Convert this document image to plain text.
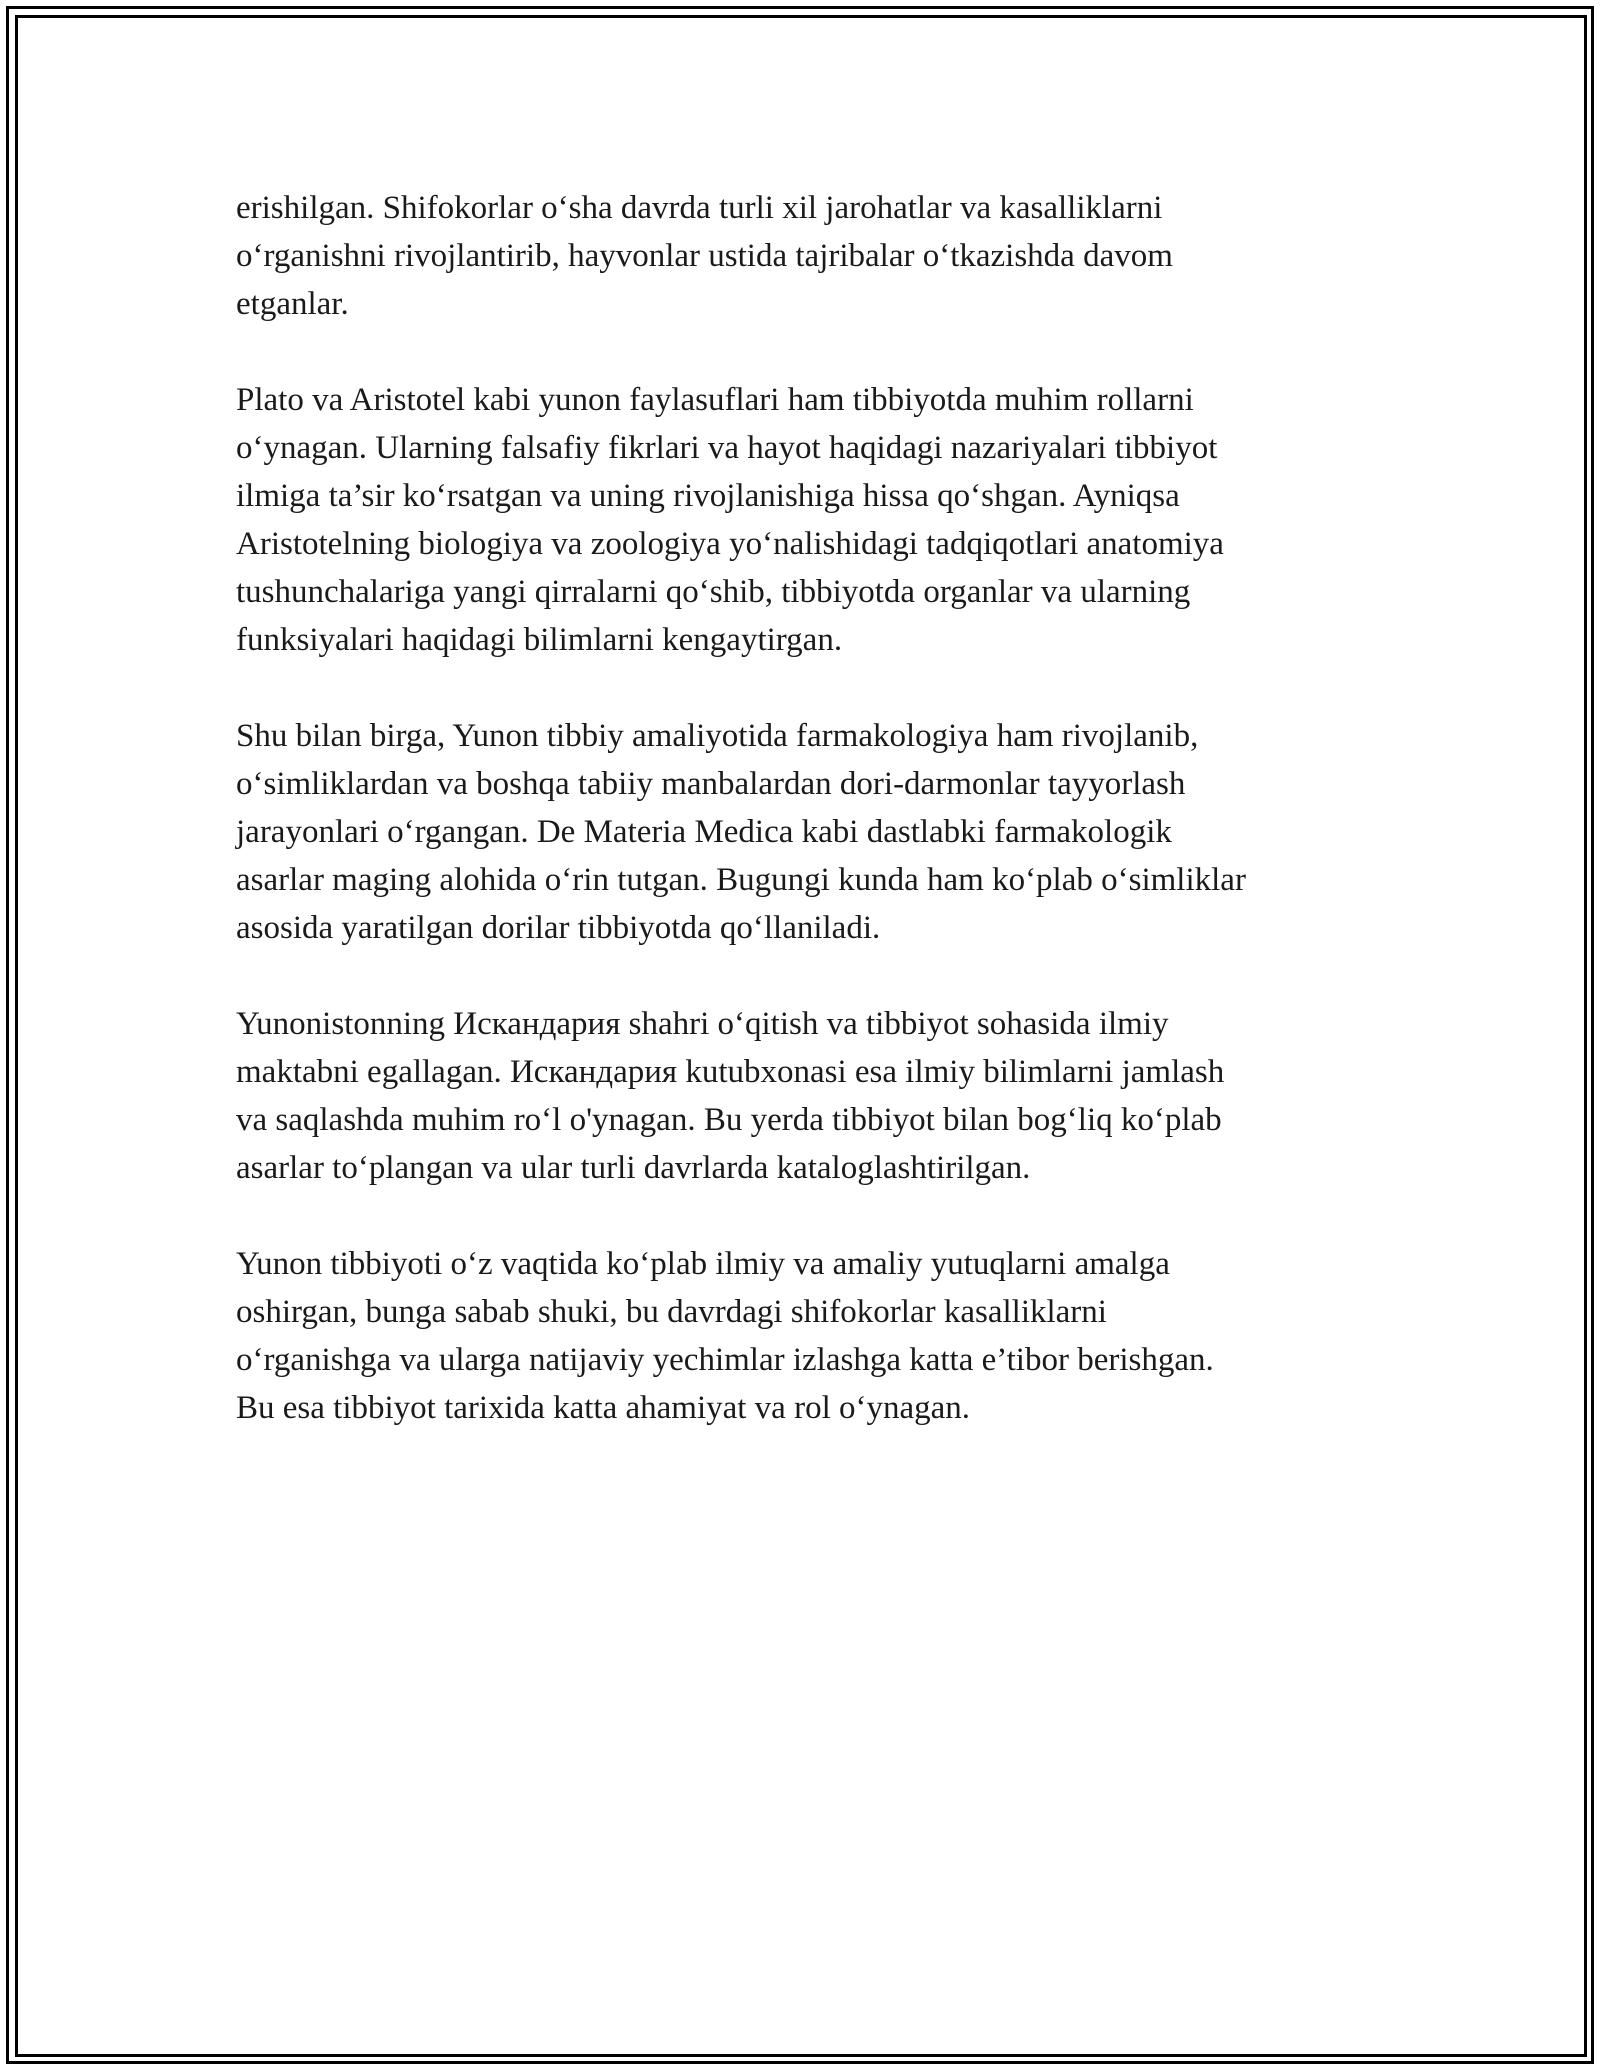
erishilgan. Shifokorlar o‘sha davrda turli xil jarohatlar va kasalliklarni
o‘rganishni rivojlantirib, hayvonlar ustida tajribalar o‘tkazishda davom
etganlar.

Plato va Aristotel kabi yunon faylasuflari ham tibbiyotda muhim rollarni
o‘ynagan. Ularning falsafiy fikrlari va hayot haqidagi nazariyalari tibbiyot
ilmiga ta’sir ko‘rsatgan va uning rivojlanishiga hissa qo‘shgan. Ayniqsa
Aristotelning biologiya va zoologiya yo‘nalishidagi tadqiqotlari anatomiya
tushunchalariga yangi qirralarni qo‘shib, tibbiyotda organlar va ularning
funksiyalari haqidagi bilimlarni kengaytirgan.

Shu bilan birga, Yunon tibbiy amaliyotida farmakologiya ham rivojlanib,
o‘simliklardan va boshqa tabiiy manbalardan dori-darmonlar tayyorlash
jarayonlari o‘rgangan. De Materia Medica kabi dastlabki farmakologik
asarlar maging alohida o‘rin tutgan. Bugungi kunda ham ko‘plab o‘simliklar
asosida yaratilgan dorilar tibbiyotda qo‘llaniladi.

Yunonistonning Искандария shahri o‘qitish va tibbiyot sohasida ilmiy
maktabni egallagan. Искандария kutubxonasi esa ilmiy bilimlarni jamlash
va saqlashda muhim ro‘l o'ynagan. Bu yerda tibbiyot bilan bog‘liq ko‘plab
asarlar to‘plangan va ular turli davrlarda kataloglashtirilgan.

Yunon tibbiyoti o‘z vaqtida ko‘plab ilmiy va amaliy yutuqlarni amalga
oshirgan, bunga sabab shuki, bu davrdagi shifokorlar kasalliklarni
o‘rganishga va ularga natijaviy yechimlar izlashga katta e’tibor berishgan.
Bu esa tibbiyot tarixida katta ahamiyat va rol o‘ynagan.
